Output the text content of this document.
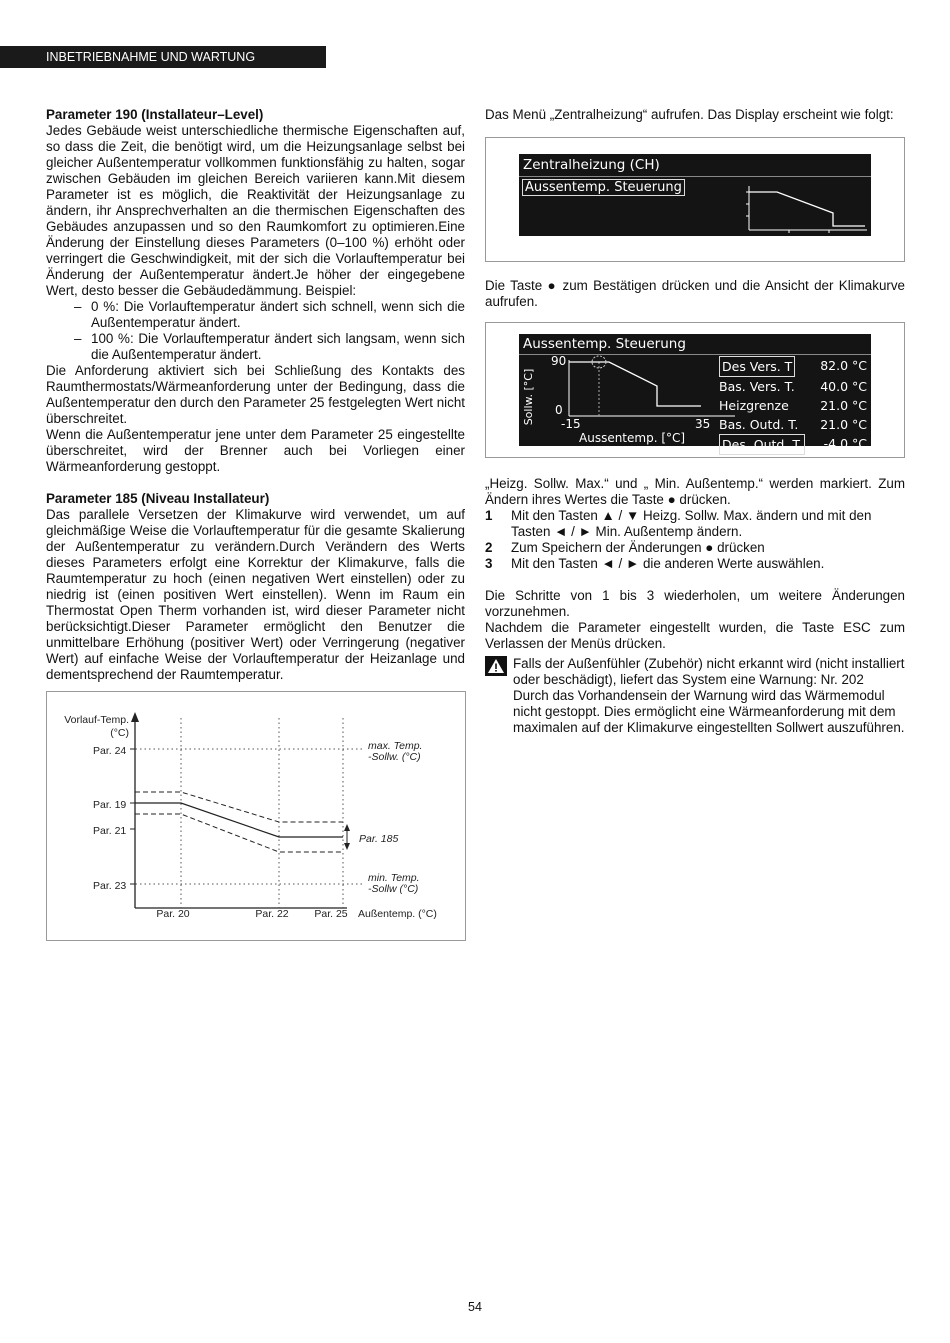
INBETRIEBNAHME UND WARTUNG
Parameter 190 (Installateur–Level)

Jedes Gebäude weist unterschiedliche thermische Eigenschaften auf, so dass die Zeit, die benötigt wird, um die Heizungsanlage selbst bei gleicher Außentemperatur vollkommen funktionsfähig zu halten, sogar zwischen Gebäuden im gleichen Bereich variieren kann.Mit diesem Parameter ist es möglich, die Reaktivität der Heizungsanlage zu ändern, ihr Ansprechverhalten an die thermischen Eigenschaften des Gebäudes anzupassen und so den Raumkomfort zu optimieren.Eine Änderung der Einstellung dieses Parameters (0–100 %) erhöht oder verringert die Geschwindigkeit, mit der sich die Vorlauftemperatur bei Änderung der Außentemperatur ändert.Je höher der eingegebene Wert, desto besser die Gebäudedämmung. Beispiel:

– 0 %: Die Vorlauftemperatur ändert sich schnell, wenn sich die Außentemperatur ändert.
– 100 %: Die Vorlauftemperatur ändert sich langsam, wenn sich die Außentemperatur ändert.

Die Anforderung aktiviert sich bei Schließung des Kontakts des Raumthermostats/Wärmeanforderung unter der Bedingung, dass die Außentemperatur den durch den Parameter 25 festgelegten Wert nicht überschreitet.

Wenn die Außentemperatur jene unter dem Parameter 25 eingestellte überschreitet, wird der Brenner auch bei Vorliegen einer Wärmeanforderung gestoppt.

Parameter 185 (Niveau Installateur)

Das parallele Versetzen der Klimakurve wird verwendet, um auf gleichmäßige Weise die Vorlauftemperatur für die gesamte Skalierung der Außentemperatur zu verändern.Durch Verändern des Werts dieses Parameters erfolgt eine Korrektur der Klimakurve, falls die Raumtemperatur zu hoch (einen negativen Wert einstellen) oder zu niedrig ist (einen positiven Wert einstellen). Wenn im Raum ein Thermostat Open Therm vorhanden ist, wird dieser Parameter nicht berücksichtigt.Dieser Parameter ermöglicht den Benutzer die unmittelbare Erhöhung (positiver Wert) oder Verringerung (negativer Wert) auf einfache Weise der Vorlauftemperatur der Heizanlage und dementsprechend der Raumtemperatur.

Vorlauf-Temp.
(°C)
Par. 24
Par. 19
Par. 21
Par. 23
Par. 20	Par. 22 Par. 25 Außentemp. (°C)
max. Temp.
-Sollw. (°C)
min. Temp.
-Sollw (°C)
Par. 185

Das Menü „Zentralheizung“ aufrufen. Das Display erscheint wie folgt:

Zentralheizung (CH)
Aussentemp. Steuerung

Die Taste ● zum Bestätigen drücken und die Ansicht der Klimakurve aufrufen.

Aussentemp. Steuerung
Sollw. [°C]
90
0
-15	35
Aussentemp. [°C]
Des Vers. T 82.0 °C
Bas. Vers. T. 40.0 °C
Heizgrenze	21.0 °C
Bas. Outd. T. 21.0 °C
Des. Outd. T. -4.0 °C

„Heizg. Sollw. Max.“ und „ Min. Außentemp.“ werden markiert. Zum Ändern ihres Wertes die Taste ● drücken.

1	Mit den Tasten ▲ / ▼ Heizg. Sollw. Max. ändern und mit den Tasten ◄ / ► Min. Außentemp ändern.
2	Zum Speichern der Änderungen ● drücken
3	Mit den Tasten ◄ / ► die anderen Werte auswählen.

Die Schritte von 1 bis 3 wiederholen, um weitere Änderungen vorzunehmen.

Nachdem die Parameter eingestellt wurden, die Taste ESC zum Verlassen der Menüs drücken.

Falls der Außenfühler (Zubehör) nicht erkannt wird (nicht installiert oder beschädigt), liefert das System eine Warnung: Nr. 202
Durch das Vorhandensein der Warnung wird das Wärmemodul nicht gestoppt. Dies ermöglicht eine Wärmeanforderung mit dem maximalen auf der Klimakurve eingestellten Sollwert auszuführen.
54
